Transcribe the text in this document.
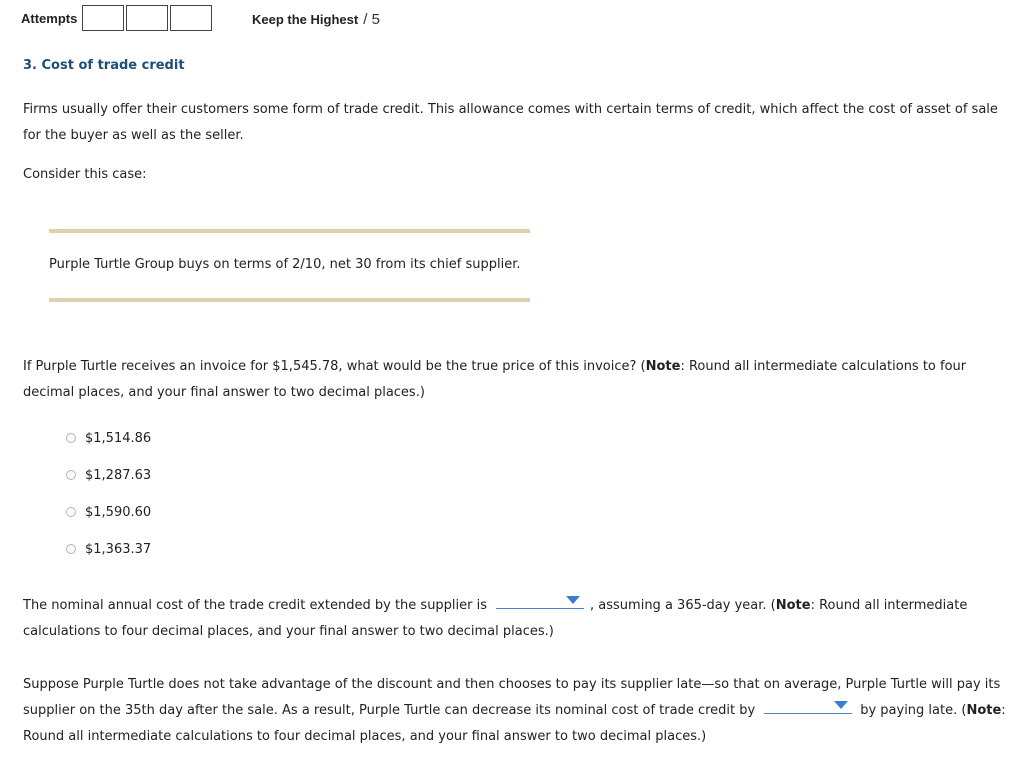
Attempts	Keep the Highest / 5
3. Cost of trade credit
Firms usually offer their customers some form of trade credit. This allowance comes with certain terms of credit, which affect the cost of asset of sale
for the buyer as well as the seller.
Consider this case:
Purple Turtle Group buys on terms of 2/10, net 30 from its chief supplier.
If Purple Turtle receives an invoice for $1,545.78, what would be the true price of this invoice? (Note: Round all intermediate calculations to four
decimal places, and your final answer to two decimal places.)
$1,514.86
$1,287.63
$1,590.60
$1,363.37
The nominal annual cost of the trade credit extended by the supplier is	, assuming a 365-day year. (Note: Round all intermediate
calculations to four decimal places, and your final answer to two decimal places.)
Suppose Purple Turtle does not take advantage of the discount and then chooses to pay its supplier late—so that on average, Purple Turtle will pay its
supplier on the 35th day after the sale. As a result, Purple Turtle can decrease its nominal cost of trade credit by	by paying late. (Note:
Round all intermediate calculations to four decimal places, and your final answer to two decimal places.)
